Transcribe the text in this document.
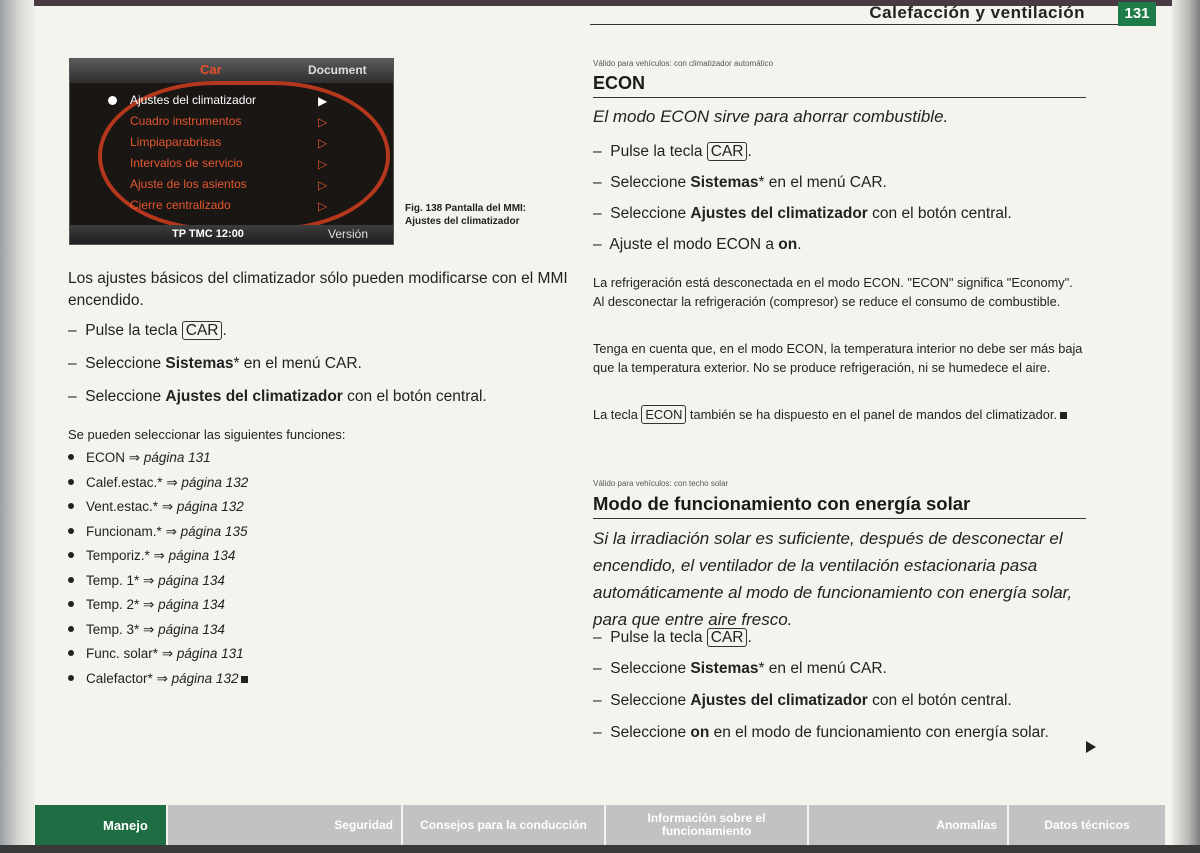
Calefacción y ventilación	131
Car	Document
Ajustes del climatizador
Cuadro instrumentos
Limpiaparabrisas
Intervalos de servicio
Ajuste de los asientos
Cierre centralizado
▶
▷
▷
▷
▷
▷
TP TMC 12:00	Versión
Fig. 138 Pantalla del MMI: Ajustes del climatizador
Los ajustes básicos del climatizador sólo pueden modificarse con el MMI encendido.
– Pulse la tecla CAR .
– Seleccione Sistemas* en el menú CAR.
– Seleccione Ajustes del climatizador con el botón central.
Se pueden seleccionar las siguientes funciones:
ECON ⇒ página 131
Calef.estac.* ⇒ página 132
Vent.estac.* ⇒ página 132
Funcionam.* ⇒ página 135
Temporiz.* ⇒ página 134
Temp. 1* ⇒ página 134
Temp. 2* ⇒ página 134
Temp. 3* ⇒ página 134
Func. solar* ⇒ página 131
Calefactor* ⇒ página 132
Válido para vehículos: con climatizador automático
ECON
El modo ECON sirve para ahorrar combustible.
– Pulse la tecla CAR .
– Seleccione Sistemas* en el menú CAR.
– Seleccione Ajustes del climatizador con el botón central.
– Ajuste el modo ECON a on.
La refrigeración está desconectada en el modo ECON. "ECON" significa "Economy". Al desconectar la refrigeración (compresor) se reduce el consumo de combustible.
Tenga en cuenta que, en el modo ECON, la temperatura interior no debe ser más baja que la temperatura exterior. No se produce refrigeración, ni se humedece el aire.
La tecla ECON también se ha dispuesto en el panel de mandos del climatizador.
Válido para vehículos: con techo solar
Modo de funcionamiento con energía solar
Si la irradiación solar es suficiente, después de desconectar el encendido, el ventilador de la ventilación estacionaria pasa automáticamente al modo de funcionamiento con energía solar, para que entre aire fresco.
– Pulse la tecla CAR .
– Seleccione Sistemas* en el menú CAR.
– Seleccione Ajustes del climatizador con el botón central.
– Seleccione on en el modo de funcionamiento con energía solar.
Manejo	Seguridad	Consejos para la conducción	Información sobre el funcionamiento	Anomalías	Datos técnicos
